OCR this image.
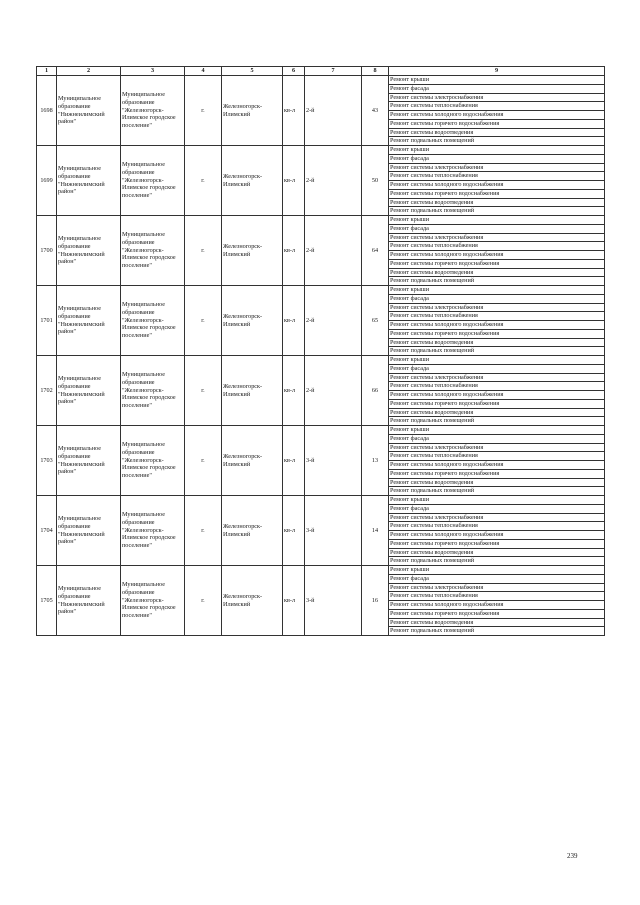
1	2	3	4	5	6	7	8	9
1698	Муниципальное образование "Нижнеилимский район"	Муниципальное образование "Железногорск-Илимское городское поселение"	г.	Железногорск-Илимский	кв-л	2-й	43	Ремонт крыши
								Ремонт фасада
								Ремонт системы электроснабжения
								Ремонт системы теплоснабжения
								Ремонт системы холодного водоснабжения
								Ремонт системы горячего водоснабжения
								Ремонт системы водоотведения
								Ремонт подвальных помещений
1699	Муниципальное образование "Нижнеилимский район"	Муниципальное образование "Железногорск-Илимское городское поселение"	г.	Железногорск-Илимский	кв-л	2-й	50	Ремонт крыши
								Ремонт фасада
								Ремонт системы электроснабжения
								Ремонт системы теплоснабжения
								Ремонт системы холодного водоснабжения
								Ремонт системы горячего водоснабжения
								Ремонт системы водоотведения
								Ремонт подвальных помещений
1700	Муниципальное образование "Нижнеилимский район"	Муниципальное образование "Железногорск-Илимское городское поселение"	г.	Железногорск-Илимский	кв-л	2-й	64	Ремонт крыши
								Ремонт фасада
								Ремонт системы электроснабжения
								Ремонт системы теплоснабжения
								Ремонт системы холодного водоснабжения
								Ремонт системы горячего водоснабжения
								Ремонт системы водоотведения
								Ремонт подвальных помещений
1701	Муниципальное образование "Нижнеилимский район"	Муниципальное образование "Железногорск-Илимское городское поселение"	г.	Железногорск-Илимский	кв-л	2-й	65	Ремонт крыши
								Ремонт фасада
								Ремонт системы электроснабжения
								Ремонт системы теплоснабжения
								Ремонт системы холодного водоснабжения
								Ремонт системы горячего водоснабжения
								Ремонт системы водоотведения
								Ремонт подвальных помещений
1702	Муниципальное образование "Нижнеилимский район"	Муниципальное образование "Железногорск-Илимское городское поселение"	г.	Железногорск-Илимский	кв-л	2-й	66	Ремонт крыши
								Ремонт фасада
								Ремонт системы электроснабжения
								Ремонт системы теплоснабжения
								Ремонт системы холодного водоснабжения
								Ремонт системы горячего водоснабжения
								Ремонт системы водоотведения
								Ремонт подвальных помещений
1703	Муниципальное образование "Нижнеилимский район"	Муниципальное образование "Железногорск-Илимское городское поселение"	г.	Железногорск-Илимский	кв-л	3-й	13	Ремонт крыши
								Ремонт фасада
								Ремонт системы электроснабжения
								Ремонт системы теплоснабжения
								Ремонт системы холодного водоснабжения
								Ремонт системы горячего водоснабжения
								Ремонт системы водоотведения
								Ремонт подвальных помещений
1704	Муниципальное образование "Нижнеилимский район"	Муниципальное образование "Железногорск-Илимское городское поселение"	г.	Железногорск-Илимский	кв-л	3-й	14	Ремонт крыши
								Ремонт фасада
								Ремонт системы электроснабжения
								Ремонт системы теплоснабжения
								Ремонт системы холодного водоснабжения
								Ремонт системы горячего водоснабжения
								Ремонт системы водоотведения
								Ремонт подвальных помещений
1705	Муниципальное образование "Нижнеилимский район"	Муниципальное образование "Железногорск-Илимское городское поселение"	г.	Железногорск-Илимский	кв-л	3-й	16	Ремонт крыши
								Ремонт фасада
								Ремонт системы электроснабжения
								Ремонт системы теплоснабжения
								Ремонт системы холодного водоснабжения
								Ремонт системы горячего водоснабжения
								Ремонт системы водоотведения
								Ремонт подвальных помещений
239
